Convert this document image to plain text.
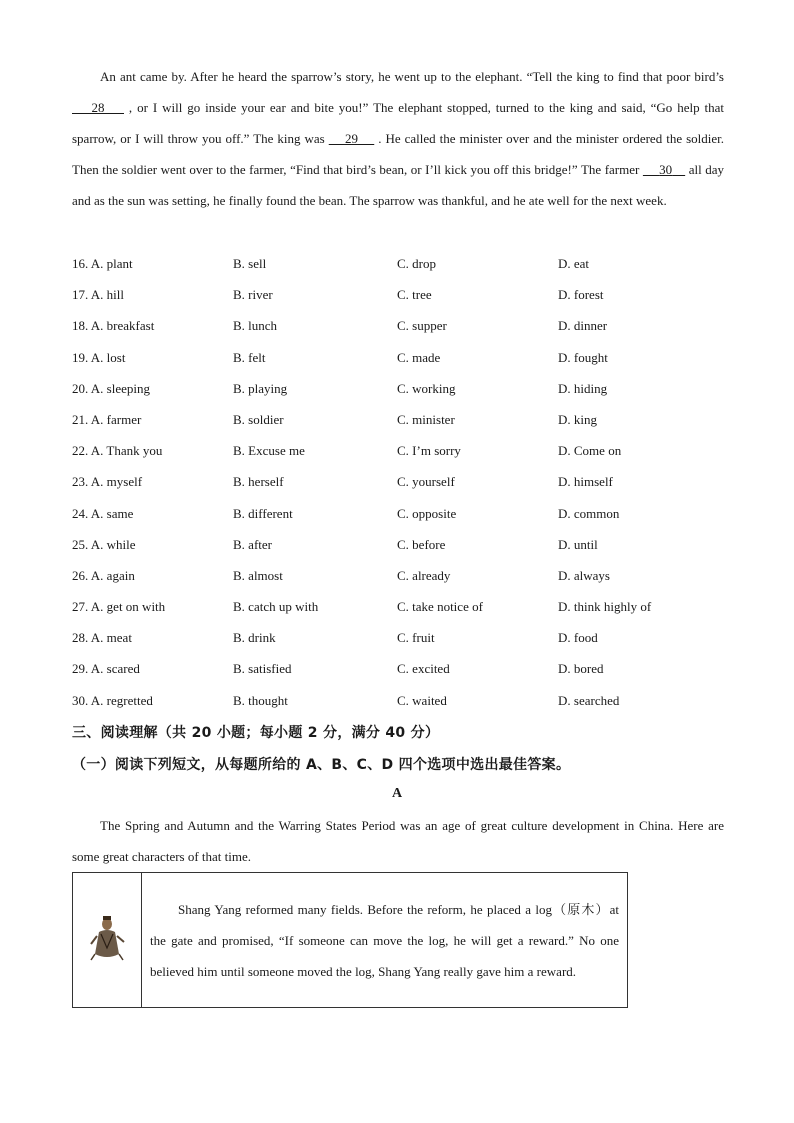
An ant came by. After he heard the sparrow’s story, he went up to the elephant. “Tell the king to find that poor bird’s       28       , or I will go inside your ear and bite you!” The elephant stopped, turned to the king and said, “Go help that sparrow, or I will throw you off.” The king was      29      . He called the minister over and the minister ordered the soldier. Then the soldier went over to the farmer, “Find that bird’s bean, or I’ll kick you off this bridge!” The farmer      30     all day and as the sun was setting, he finally found the bean. The sparrow was thankful, and he ate well for the next week.
16. A. plant	B. sell	C. drop	D. eat
17. A. hill	B. river	C. tree	D. forest
18. A. breakfast	B. lunch	C. supper	D. dinner
19. A. lost	B. felt	C. made	D. fought
20. A. sleeping	B. playing	C. working	D. hiding
21. A. farmer	B. soldier	C. minister	D. king
22. A. Thank you	B. Excuse me	C. I’m sorry	D. Come on
23. A. myself	B. herself	C. yourself	D. himself
24. A. same	B. different	C. opposite	D. common
25. A. while	B. after	C. before	D. until
26. A. again	B. almost	C. already	D. always
27. A. get on with	B. catch up with	C. take notice of	D. think highly of
28. A. meat	B. drink	C. fruit	D. food
29. A. scared	B. satisfied	C. excited	D. bored
30. A. regretted	B. thought	C. waited	D. searched
三、阅读理解（共 20 小题；每小题 2 分，满分 40 分）
（一）阅读下列短文，从每题所给的 A、B、C、D 四个选项中选出最佳答案。
A
The Spring and Autumn and the Warring States Period was an age of great culture development in China. Here are some great characters of that time.
	Shang Yang reformed many fields. Before the reform, he placed a log（原木）at the gate and promised, “If someone can move the log, he will get a reward.” No one believed him until someone moved the log, Shang Yang really gave him a reward.
